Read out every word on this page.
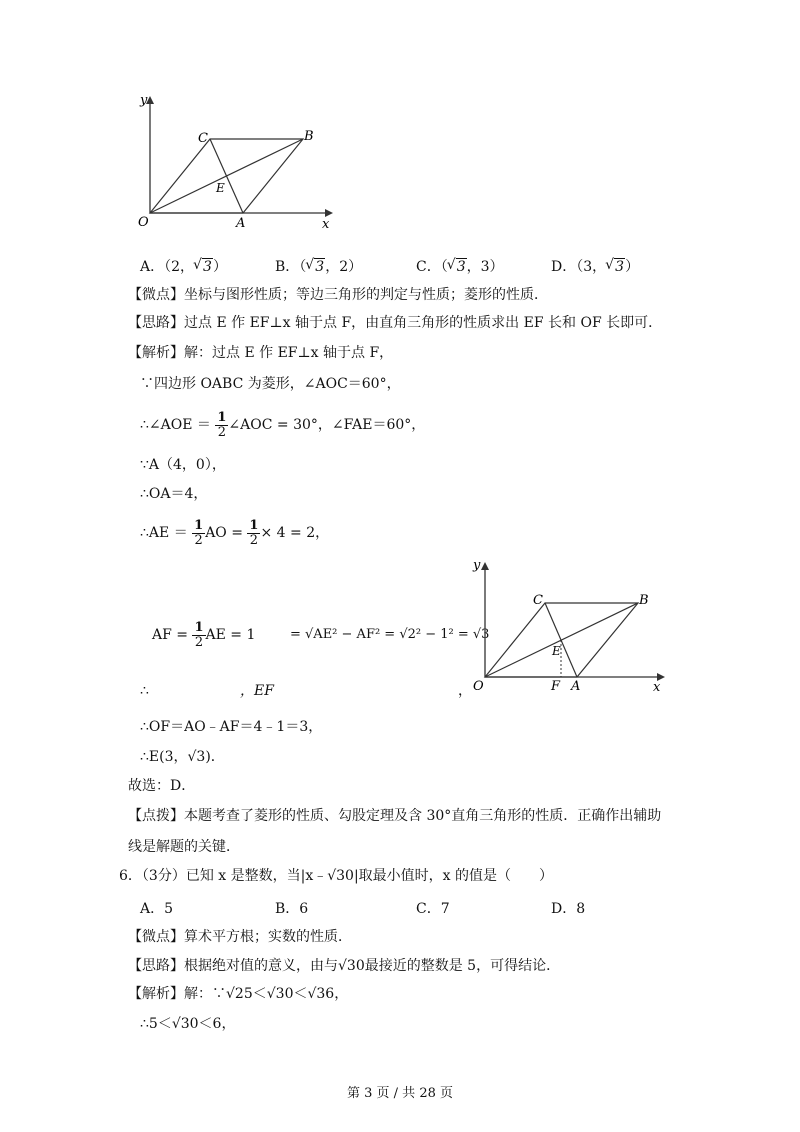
y
x
O	A
B
C
E
A．（2， √ 3）	B．（ √ 3，2）	C．（ √ 3，3）	D．（3， √ 3）
【微点】坐标与图形性质；等边三角形的判定与性质；菱形的性质．
【思路】过点 E 作 EF⊥x 轴于点 F，由直角三角形的性质求出 EF 长和 OF 长即可．
【解析】解：过点 E 作 EF⊥x 轴于点 F，
∵四边形 OABC 为菱形，∠AOC＝60°，
∴∠AOE ＝ $\frac{1}{2}$ ∠AOC = 30°，∠FAE＝60°，
∵A（4，0），
∴OA＝4，
∴AE ＝ $\frac{1}{2}$ AO = $\frac{1}{2} \times 4 = 2$，
AF = $\frac{1}{2}$ AE = 1	= √AE² − AF² = √2² − 1² = √3
∴	，EF	，
y
x
O	F A
B
C
E
∴OF＝AO﹣AF＝4﹣1＝3，
∴E(3，√3)．
故选：D．
【点拨】本题考查了菱形的性质、勾股定理及含 30°直角三角形的性质．正确作出辅助
线是解题的关键．
6．（3分）已知 x 是整数，当|x﹣√30|取最小值时，x 的值是（　　）
A．5	B．6	C．7	D．8
【微点】算术平方根；实数的性质．
【思路】根据绝对值的意义，由与√30最接近的整数是 5，可得结论．
【解析】解：∵√25＜√30＜√36，
∴5＜√30＜6，
第 3 页 / 共 28 页
